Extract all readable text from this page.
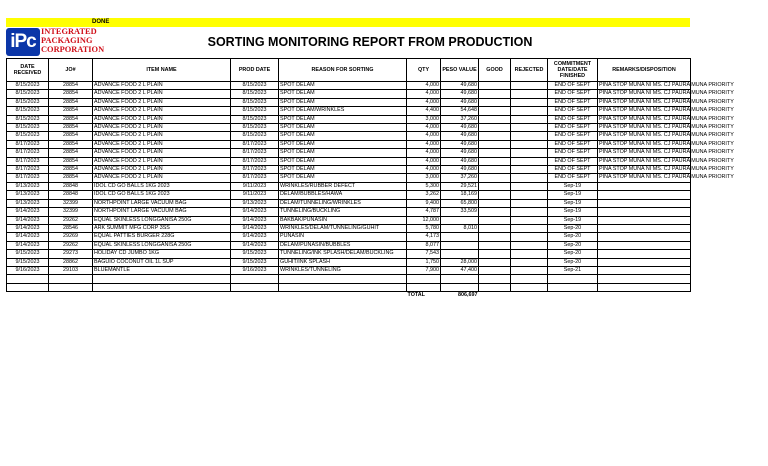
DONE
iPc INTEGRATED
PACKAGING
CORPORATION
SORTING MONITORING REPORT FROM PRODUCTION
DATE RECEIVED	JO#	ITEM NAME	PROD DATE	REASON FOR SORTING	QTY	PESO VALUE	GOOD	REJECTED	COMMITMENT DATE/DATE FINISHED	REMARKS/DISPOSITION
8/15/2023	28854	ADVANCE FOOD 2 L PLAIN	8/15/2023	SPOT DELAM	4,000	49,680			END OF SEPT	PINA STOP MUNA NI MS. CJ PAURA MUNA PRIORITY
8/15/2023	28854	ADVANCE FOOD 2 L PLAIN	8/15/2023	SPOT DELAM	4,000	49,680			END OF SEPT	PINA STOP MUNA NI MS. CJ PAURA MUNA PRIORITY
8/15/2023	28854	ADVANCE FOOD 2 L PLAIN	8/15/2023	SPOT DELAM	4,000	49,680			END OF SEPT	PINA STOP MUNA NI MS. CJ PAURA MUNA PRIORITY
8/15/2023	28854	ADVANCE FOOD 2 L PLAIN	8/15/2023	SPOT DELAM/WRINKLES	4,400	54,648			END OF SEPT	PINA STOP MUNA NI MS. CJ PAURA MUNA PRIORITY
8/15/2023	28854	ADVANCE FOOD 2 L PLAIN	8/15/2023	SPOT DELAM	3,000	37,260			END OF SEPT	PINA STOP MUNA NI MS. CJ PAURA MUNA PRIORITY
8/15/2023	28854	ADVANCE FOOD 2 L PLAIN	8/15/2023	SPOT DELAM	4,000	49,680			END OF SEPT	PINA STOP MUNA NI MS. CJ PAURA MUNA PRIORITY
8/15/2023	28854	ADVANCE FOOD 2 L PLAIN	8/15/2023	SPOT DELAM	4,000	49,680			END OF SEPT	PINA STOP MUNA NI MS. CJ PAURA MUNA PRIORITY
8/17/2023	28854	ADVANCE FOOD 2 L PLAIN	8/17/2023	SPOT DELAM	4,000	49,680			END OF SEPT	PINA STOP MUNA NI MS. CJ PAURA MUNA PRIORITY
8/17/2023	28854	ADVANCE FOOD 2 L PLAIN	8/17/2023	SPOT DELAM	4,000	49,680			END OF SEPT	PINA STOP MUNA NI MS. CJ PAURA MUNA PRIORITY
8/17/2023	28854	ADVANCE FOOD 2 L PLAIN	8/17/2023	SPOT DELAM	4,000	49,680			END OF SEPT	PINA STOP MUNA NI MS. CJ PAURA MUNA PRIORITY
8/17/2023	28854	ADVANCE FOOD 2 L PLAIN	8/17/2023	SPOT DELAM	4,000	49,680			END OF SEPT	PINA STOP MUNA NI MS. CJ PAURA MUNA PRIORITY
8/17/2023	28854	ADVANCE FOOD 2 L PLAIN	8/17/2023	SPOT DELAM	3,000	37,260			END OF SEPT	PINA STOP MUNA NI MS. CJ PAURA MUNA PRIORITY
9/13/2023	28848	IDOL CD GO BALLS 1KG 2023	9/11/2023	WRINKLES/RUBBER DEFECT	5,300	29,521			Sep-19	
9/13/2023	28848	IDOL CD GO BALLS 1KG 2023	9/11/2023	DELAM/BUBBLES/HAWA	3,262	18,169			Sep-19	
9/13/2023	32399	NORTHPOINT LARGE VACUUM BAG	9/13/2023	DELAM/TUNNELING/WRINKLES	9,400	65,800			Sep-19	
9/14/2023	32399	NORTHPOINT LARGE VACUUM BAG	9/14/2023	TUNNELING/BUCKLING	4,787	33,509			Sep-19	
9/14/2023	29262	EQUAL SKINLESS LONGGANISA 250G	9/14/2023	BAKBAK/PUNASIN	12,000				Sep-19	
9/14/2023	28546	ARK SUMMIT MFG CORP 3SS	9/14/2023	WRINKLES/DELAM/TUNNELING/GUHIT	5,780	8,010			Sep-20	
9/14/2023	29269	EQUAL PATTIES BURGER 228G	9/14/2023	PUNASIN	4,173				Sep-20	
9/14/2023	29262	EQUAL SKINLESS LONGGANISA 250G	9/14/2023	DELAM/PUNASIN/BUBBLES	8,077				Sep-20	
9/15/2023	29273	HOLIDAY CD JUMBO 1KG	9/15/2023	TUNNELING/INK SPLASH/DELAM/BUCKLING	7,543				Sep-20	
9/15/2023	28862	BAGUIO COCONUT OIL 1L SUP	9/15/2023	GUHIT/INK SPLASH	1,750	28,000			Sep-20	
9/16/2023	29103	BLUEMANTLE	9/16/2023	WRINKLES/TUNNELING	7,900	47,400			Sep-21	

					TOTAL	806,697				
